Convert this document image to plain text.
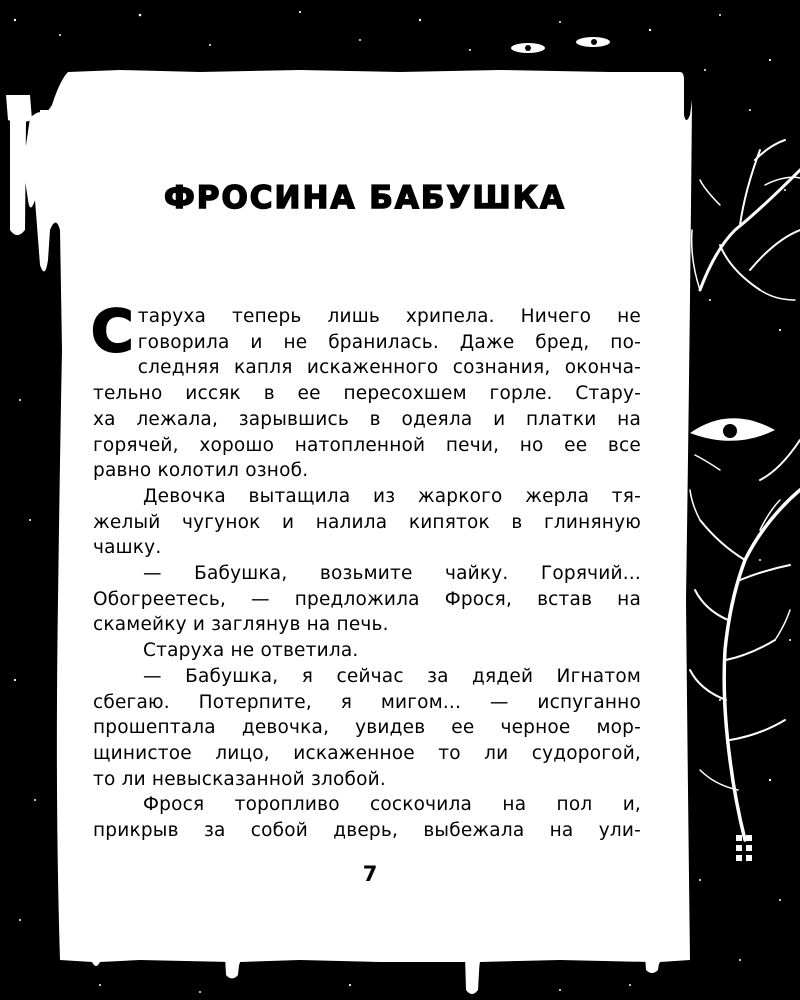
ФРОСИНА БАБУШКА
С таруха теперь лишь хрипела. Ничего не
говорила и не бранилась. Даже бред, по-
следняя капля искаженного сознания, оконча-
тельно иссяк в ее пересохшем горле. Стару-
ха лежала, зарывшись в одеяла и платки на
горячей, хорошо натопленной печи, но ее все
равно колотил озноб.
Девочка вытащила из жаркого жерла тя-
желый чугунок и налила кипяток в глиняную
чашку.
— Бабушка, возьмите чайку. Горячий...
Обогреетесь, — предложила Фрося, встав на
скамейку и заглянув на печь.
Старуха не ответила.
— Бабушка, я сейчас за дядей Игнатом
сбегаю. Потерпите, я мигом... — испуганно
прошептала девочка, увидев ее черное мор-
щинистое лицо, искаженное то ли судорогой,
то ли невысказанной злобой.
Фрося торопливо соскочила на пол и,
прикрыв за собой дверь, выбежала на ули-
7
